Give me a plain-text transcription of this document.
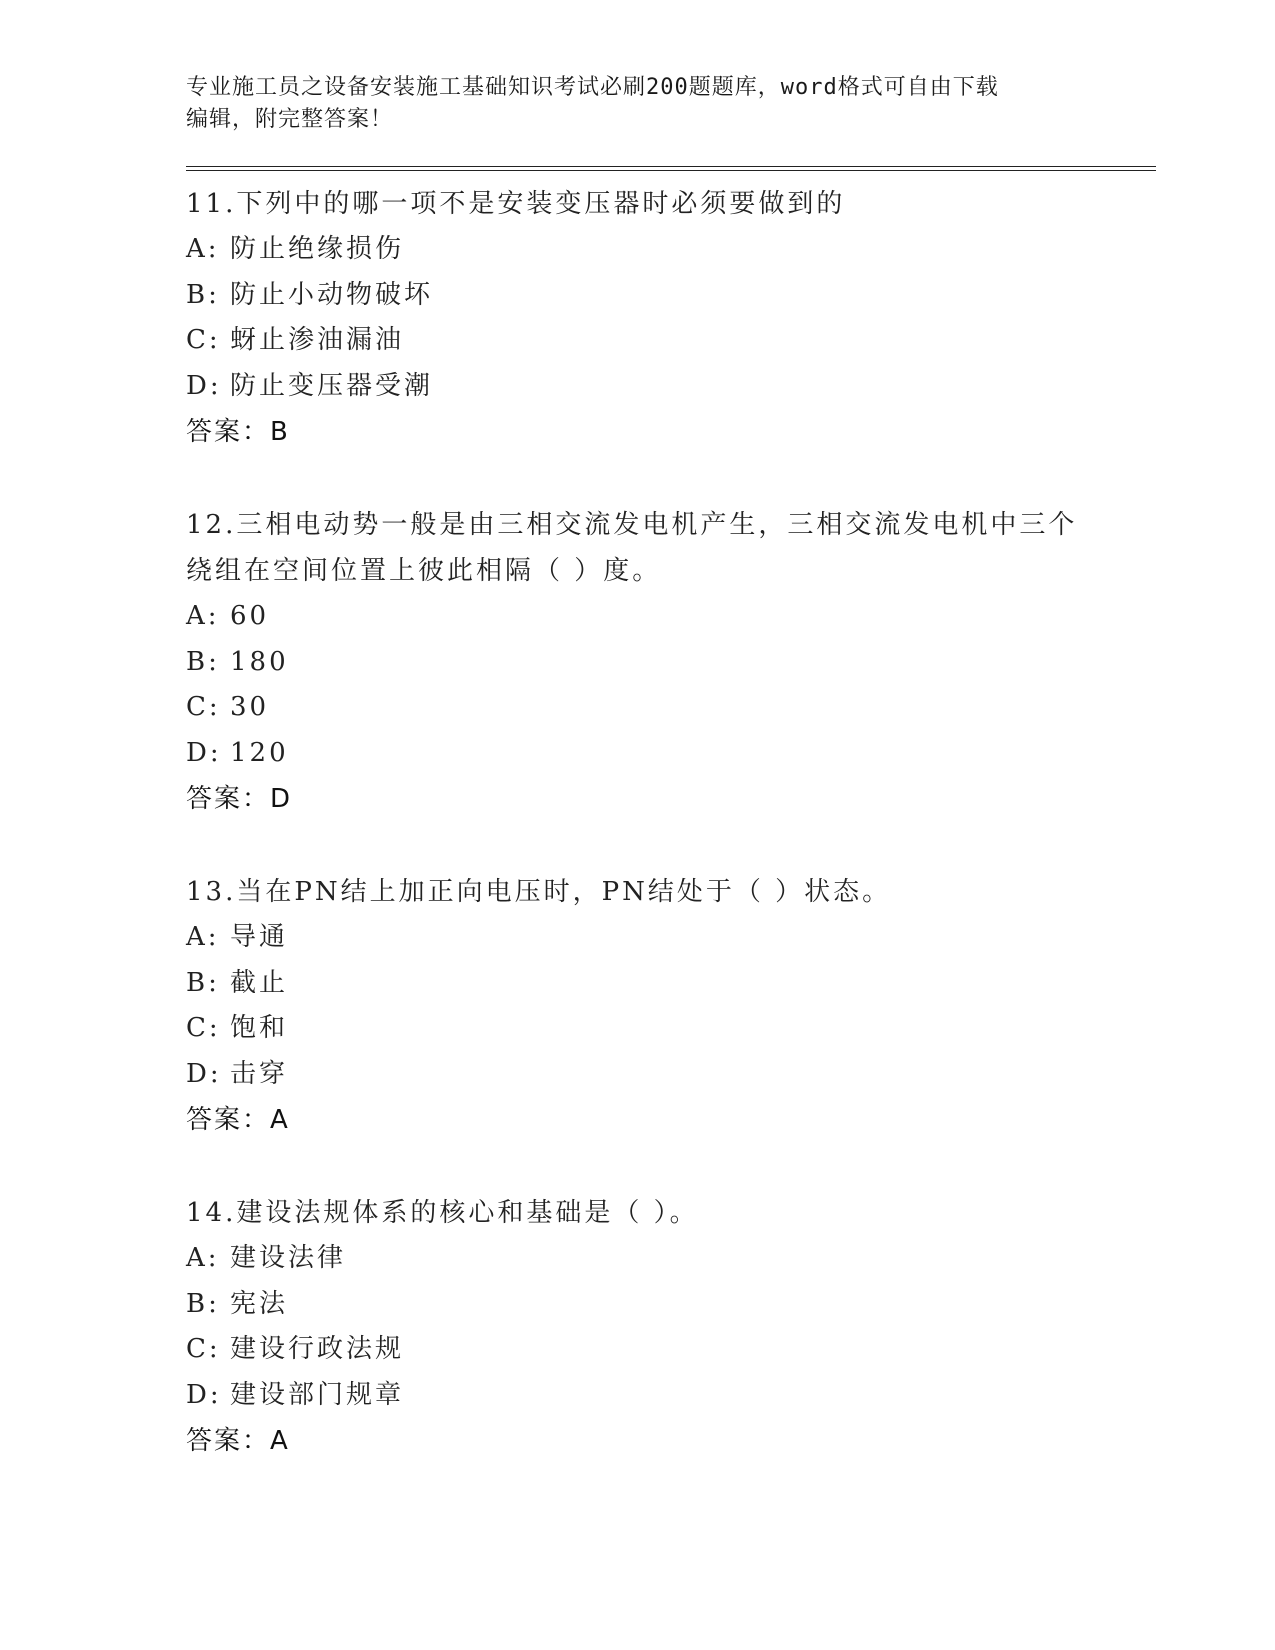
专业施工员之设备安装施工基础知识考试必刷200题题库，word格式可自由下载
编辑，附完整答案！
11.下列中的哪一项不是安装变压器时必须要做到的
A: 防止绝缘损伤
B: 防止小动物破坏
C: 蚜止渗油漏油
D: 防止变压器受潮
答案：B
12.三相电动势一般是由三相交流发电机产生，三相交流发电机中三个
绕组在空间位置上彼此相隔（ ）度。
A: 60
B: 180
C: 30
D: 120
答案：D
13.当在PN结上加正向电压时，PN结处于（ ）状态。
A: 导通
B: 截止
C: 饱和
D: 击穿
答案：A
14.建设法规体系的核心和基础是（ ）。
A: 建设法律
B: 宪法
C: 建设行政法规
D: 建设部门规章
答案：A
